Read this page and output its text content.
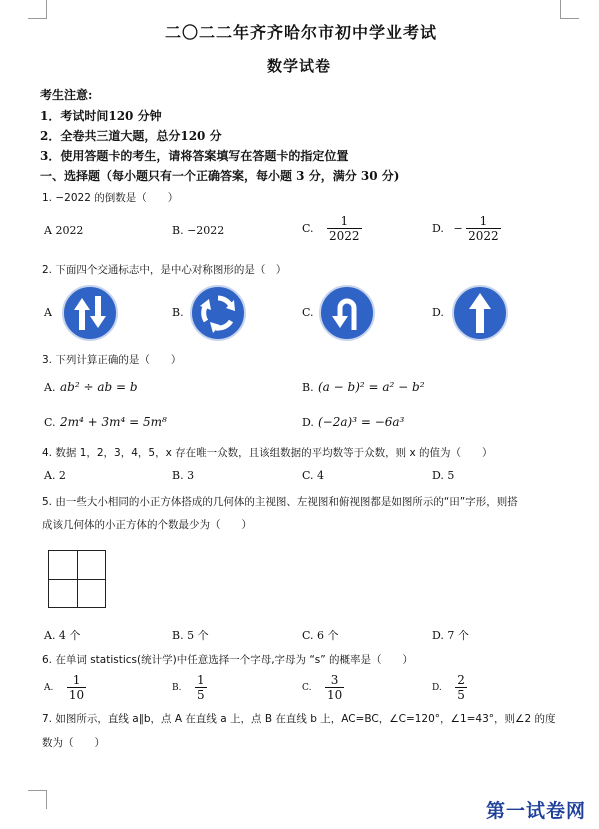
二〇二二年齐齐哈尔市初中学业考试
数学试卷
考生注意:
1．考试时间120 分钟
2．全卷共三道大题，总分120 分
3．使用答题卡的考生，请将答案填写在答题卡的指定位置
一、选择题（每小题只有一个正确答案，每小题 3 分，满分 30 分)
1. −2022 的倒数是（　　）
A 2022	B. −2022	C. $\frac{1}{2022}$	D. − $\frac{1}{2022}$
2. 下面四个交通标志中，是中心对称图形的是（　）
A	B.	C.	D.
3. 下列计算正确的是（　　）
A. ab² ÷ ab = b	B. (a − b)² = a² − b²
C. 2m⁴ + 3m⁴ = 5m⁸	D. (−2a)³ = −6a³
4. 数据 1，2，3，4，5，x 存在唯一众数，且该组数据的平均数等于众数，则 x 的值为（　　）
A. 2	B. 3	C. 4	D. 5
5. 由一些大小相同的小正方体搭成的几何体的主视图、左视图和俯视图都是如图所示的“田”字形，则搭
成该几何体的小正方体的个数最少为（　　）
A. 4 个	B. 5 个	C. 6 个	D. 7 个
6. 在单词 statistics(统计学)中任意选择一个字母,字母为 “s” 的概率是（　　）
A. $\frac{1}{10}$	B. $\frac{1}{5}$	C. $\frac{3}{10}$	D. $\frac{2}{5}$
7. 如图所示，直线 a∥b，点 A 在直线 a 上，点 B 在直线 b 上，AC=BC，∠C=120°，∠1=43°，则∠2 的度
数为（　　）
第一试卷网
